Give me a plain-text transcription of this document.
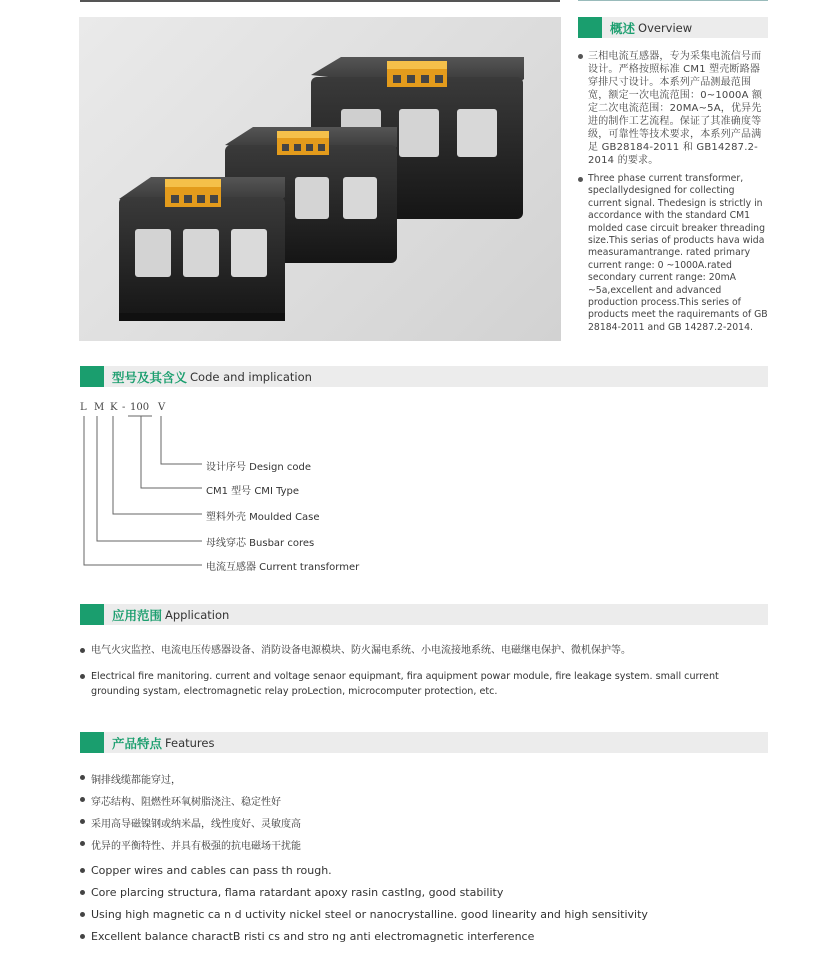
概述 Overview
三相电流互感器，专为采集电流信号而设计。严格按照标准 CM1 塑壳断路器穿排尺寸设计。本系列产品测最范围宽，额定一次电流范围：0~1000A 额定二次电流范围：20MA~5A，优异先进的制作工艺流程。保证了其准确度等级，可靠性等技术要求，本系列产品满足 GB28184-2011 和 GB14287.2-2014 的要求。
Three phase current transformer, speclallydesigned for collecting current signal. Thedesign is strictly in accordance with the standard CM1 molded case circuit breaker threading size.This serias of products hava wida measuramantrange. rated primary current range: 0 ~1000A.rated secondary current range: 20mA ~5a,excellent and advanced production process.This series of products meet the raquiremants of GB 28184-2011 and GB 14287.2-2014.
型号及其含义 Code and implication
L M K - 100 V
设计序号 Design code
CM1 型号 CMI Type
塑料外壳 Moulded Case
母线穿芯 Busbar cores
电流互感器 Current transformer
应用范围 Application
电气火灾监控、电流电压传感器设备、消防设备电源模块、防火漏电系统、小电流接地系统、电磁继电保护、微机保护等。
Electrical fire manitoring. current and voltage senaor equipmant, fira aquipment powar module, fire leakage system. small current grounding systam, electromagnetic relay proLection, microcomputer protection, etc.
产品特点 Features
铜排线缆都能穿过，
穿芯结构、阻燃性环氧树脂浇注、稳定性好
采用高导磁镍钢或纳米晶，线性度好、灵敏度高
优异的平衡特性、并具有极强的抗电磁场干扰能
Copper wires and cables can pass th rough.
Core plarcing structura, flama ratardant apoxy rasin castIng, good stability
Using high magnetic ca n d uctivity nickel steel or nanocrystalline. good linearity and high sensitivity
Excellent balance charactB risti cs and stro ng anti electromagnetic interference
